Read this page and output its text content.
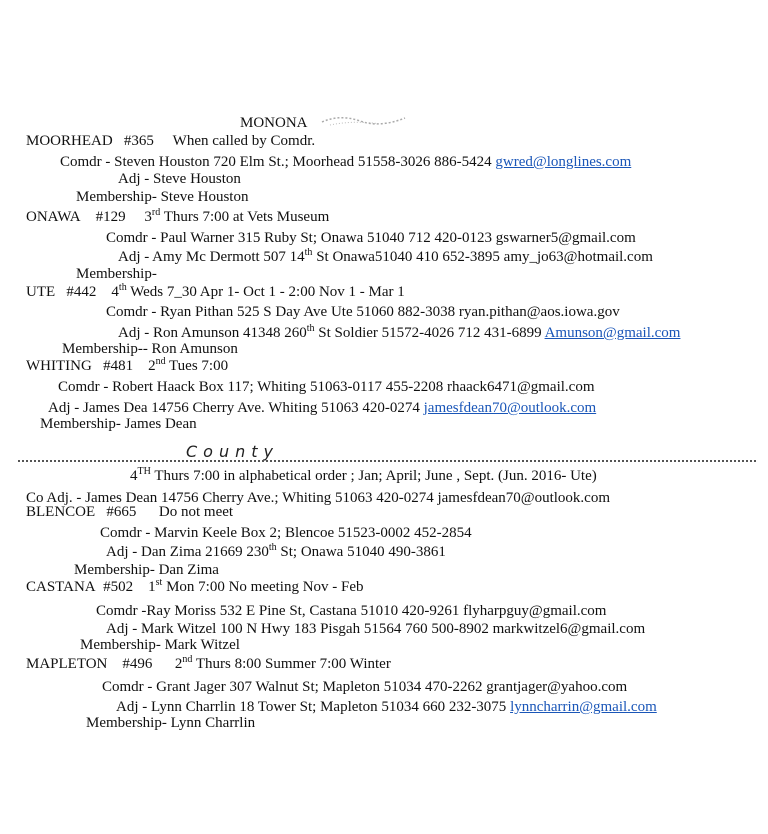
MONONA
MOORHEAD #365 When called by Comdr.
Comdr - Steven Houston 720 Elm St.; Moorhead 51558-3026 886-5424 gwred@longlines.com
Adj - Steve Houston
Membership- Steve Houston
ONAWA #129 3rd Thurs 7:00 at Vets Museum
Comdr - Paul Warner 315 Ruby St; Onawa 51040 712 420-0123 gswarner5@gmail.com
Adj - Amy Mc Dermott 507 14th St Onawa51040 410 652-3895 amy_jo63@hotmail.com
Membership-
UTE #442 4th Weds 7_30 Apr 1- Oct 1 - 2:00 Nov 1 - Mar 1
Comdr - Ryan Pithan 525 S Day Ave Ute 51060 882-3038 ryan.pithan@aos.iowa.gov
Adj - Ron Amunson 41348 260th St Soldier 51572-4026 712 431-6899 Amunson@gmail.com
Membership-- Ron Amunson
WHITING #481 2nd Tues 7:00
Comdr - Robert Haack Box 117; Whiting 51063-0117 455-2208 rhaack6471@gmail.com
Adj - James Dea 14756 Cherry Ave. Whiting 51063 420-0274 jamesfdean70@outlook.com
Membership- James Dean
County
4TH Thurs 7:00 in alphabetical order ; Jan; April; June , Sept. (Jun. 2016- Ute)
Co Adj. - James Dean 14756 Cherry Ave.; Whiting 51063 420-0274 jamesfdean70@outlook.com
BLENCOE #665 Do not meet
Comdr - Marvin Keele Box 2; Blencoe 51523-0002 452-2854
Adj - Dan Zima 21669 230th St; Onawa 51040 490-3861
Membership- Dan Zima
CASTANA #502 1st Mon 7:00 No meeting Nov - Feb
Comdr -Ray Moriss 532 E Pine St, Castana 51010 420-9261 flyharpguy@gmail.com
Adj - Mark Witzel 100 N Hwy 183 Pisgah 51564 760 500-8902 markwitzel6@gmail.com
Membership- Mark Witzel
MAPLETON #496 2nd Thurs 8:00 Summer 7:00 Winter
Comdr - Grant Jager 307 Walnut St; Mapleton 51034 470-2262 grantjager@yahoo.com
Adj - Lynn Charrlin 18 Tower St; Mapleton 51034 660 232-3075 lynncharrin@gmail.com
Membership- Lynn Charrlin
